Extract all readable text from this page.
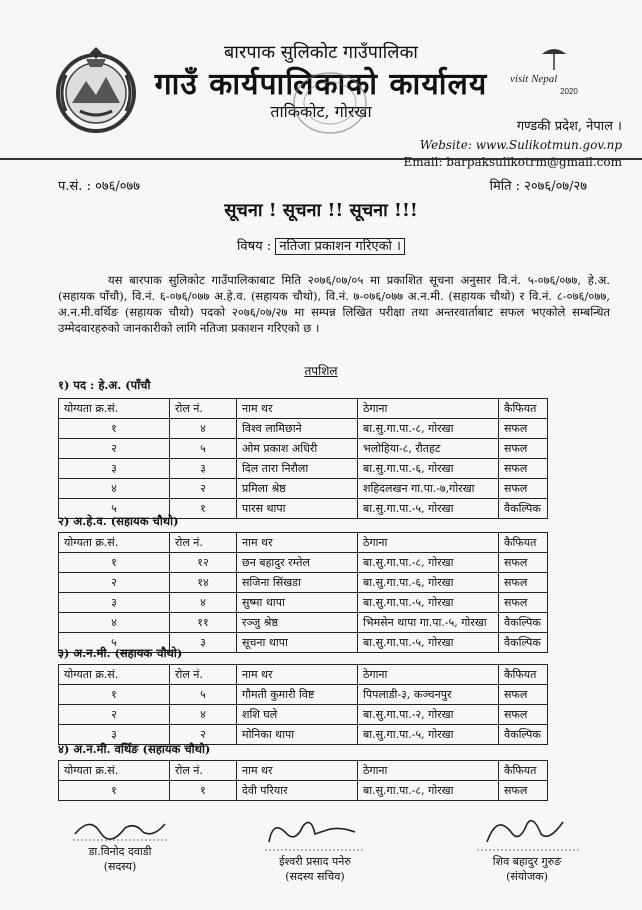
बारपाक सुलिकोट गाउँपालिका
गाउँ कार्यपालिकाको कार्यालय
ताकिकोट, गोरखा
visit Nepal
2020
गण्डकी प्रदेश, नेपाल ।
Website: www.Sulikotmun.gov.np
Email: barpaksulikotrm@gmail.com
प.सं. : ०७६/०७७	मिति : २०७६/०७/२७
सूचना ! सूचना !! सूचना !!!
विषय : नतिजा प्रकाशन गरिएको ।
यस बारपाक सुलिकोट गाउँपालिकाबाट मिति २०७६/०७/०५ मा प्रकाशित सूचना अनुसार वि.नं. ५-०७६/०७७, हे.अ. (सहायक पाँचौ), वि.नं. ६-०७६/०७७ अ.हे.व. (सहायक चौथो), वि.नं. ७-०७६/०७७ अ.न.मी. (सहायक चौथो) र वि.नं. ८-०७६/०७७, अ.न.मी.वर्थिङ (सहायक चौथो) पदको २०७६/०७/२७ मा सम्पन्न लिखित परीक्षा तथा अन्तरवार्ताबाट सफल भएकोले सम्बन्धित उम्मेदवारहरुको जानकारीको लागि नतिजा प्रकाशन गरिएको छ ।
तपशिल
१) पद : हे.अ. (पाँचौ
योग्यता क्र.सं.	रोल नं.	नाम थर	ठेगाना	कैफियत
१	४	विश्व लामिछाने	बा.सु.गा.पा.-८, गोरखा	सफल
२	५	ओम प्रकाश अधिरी	भलोहिया-८, रौतहट	सफल
३	३	दिल तारा निरौला	बा.सु.गा.पा.-६, गोरखा	सफल
४	२	प्रमिला श्रेष्ठ	शहिदलखन गा.पा.-७,गोरखा	सफल
५	१	पारस थापा	बा.सु.गा.पा.-५, गोरखा	वैकल्पिक
२) अ.हे.व. (सहायक चौथो)
योग्यता क्र.सं.	रोल नं.	नाम थर	ठेगाना	कैफियत
१	१२	छन बहादुर रम्तेल	बा.सु.गा.पा.-८, गोरखा	सफल
२	१४	सजिना सिंखडा	बा.सु.गा.पा.-६, गोरखा	सफल
३	४	सुष्मा थापा	बा.सु.गा.पा.-५, गोरखा	सफल
४	११	रञ्जु श्रेष्ठ	भिमसेन थापा गा.पा.-५, गोरखा	वैकल्पिक
५	३	सूचना थापा	बा.सु.गा.पा.-५, गोरखा	वैकल्पिक
३) अ.न.मी. (सहायक चौथो)
योग्यता क्र.सं.	रोल नं.	नाम थर	ठेगाना	कैफियत
१	५	गौमती कुमारी विष्ट	पिपलाडी-३, कञ्चनपुर	सफल
२	४	शशि घले	बा.सु.गा.पा.-२, गोरखा	सफल
३	२	मोनिका थापा	बा.सु.गा.पा.-५, गोरखा	वैकल्पिक
४) अ.न.मी. वर्थिङ (सहायक चौथो)
योग्यता क्र.सं.	रोल नं.	नाम थर	ठेगाना	कैफियत
१	१	देवी परियार	बा.सु.गा.पा.-८, गोरखा	सफल
डा.विनोद दवाडी
(सदस्य)	ईश्वरी प्रसाद पनेरु
(सदस्य सचिव)
शिव बहादुर गुरुङ
(संयोजक)
